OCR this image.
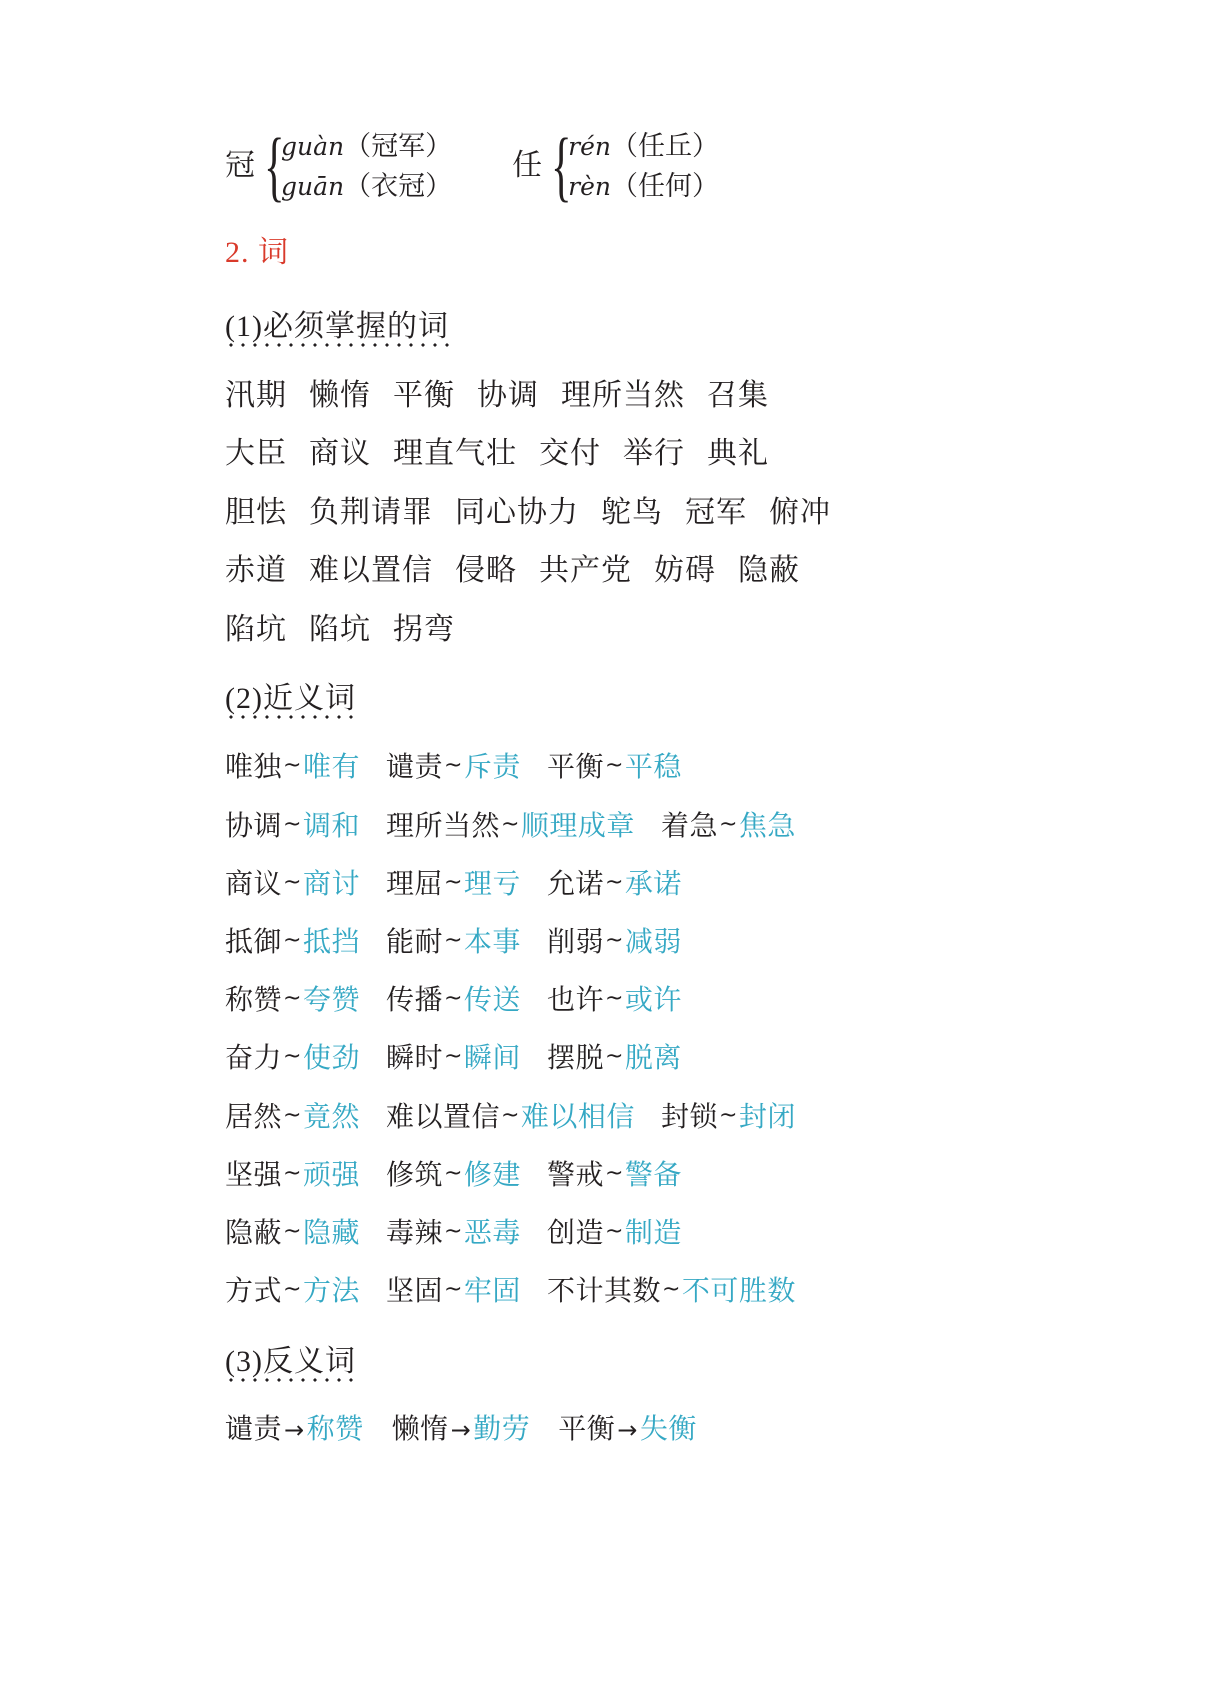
冠 {
guàn（冠军）
guān（衣冠）
任 {
rén（任丘）
rèn（任何）
2. 词
(1)必须掌握的词
汛期 懒惰 平衡 协调 理所当然 召集
大臣 商议 理直气壮 交付 举行 典礼
胆怯 负荆请罪 同心协力 鸵鸟 冠军 俯冲
赤道 难以置信 侵略 共产党 妨碍 隐蔽
陷坑 陷坑 拐弯
(2)近义词
唯独~唯有 谴责~斥责 平衡~平稳
协调~调和 理所当然~顺理成章 着急~焦急
商议~商讨 理屈~理亏 允诺~承诺
抵御~抵挡 能耐~本事 削弱~减弱
称赞~夸赞 传播~传送 也许~或许
奋力~使劲 瞬时~瞬间 摆脱~脱离
居然~竟然 难以置信~难以相信 封锁~封闭
坚强~顽强 修筑~修建 警戒~警备
隐蔽~隐藏 毒辣~恶毒 创造~制造
方式~方法 坚固~牢固 不计其数~不可胜数
(3)反义词
谴责→称赞 懒惰→勤劳 平衡→失衡
